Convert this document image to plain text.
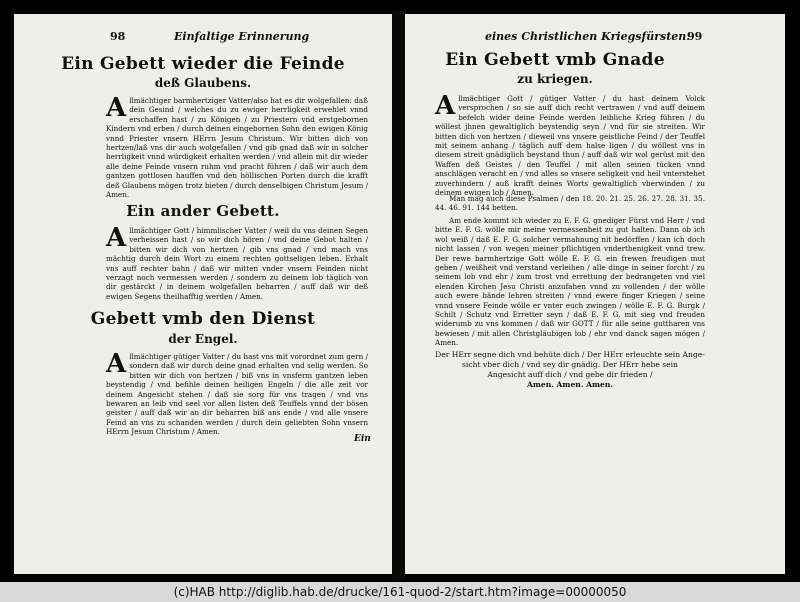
98	Einfaltige Erinnerung
Ein Gebett wieder die Feinde
deß Glaubens.
Allmächtiger barmhertziger Vatter/also hat es dir wolgefallen: daß dein Gesind / welches du zu ewiger herrligkeit erwehlet vnnd erschaffen hast / zu Königen / zu Priestern vnd erstgebornen Kindern vnd erben / durch deinen eingebornen Sohn den ewigen König vnnd Priester vnsern HErrn Jesum Christum. Wir bitten dich von hertzen/laß vns dir auch wolgefallen / vnd gib gnad daß wir in solcher herrligkeit vnnd würdigkeit erhalten werden / vnd allein mit dir wieder alle deine Feinde vnsern ruhm vnd pracht führen / daß wir auch dem gantzen gottlosen hauffen vnd den höllischen Porten durch die krafft deß Glaubens mögen trotz bieten / durch denselbigen Christum Jesum / Amen.
Ein ander Gebett.
Allmächtiger Gott / himmlischer Vatter / weil du vns deinen Segen verheissen hast / so wir dich hören / vnd deine Gebot halten / bitten wir dich von hertzen / gib vns gnad / vnd mach vns mächtig durch dein Wort zu einem rechten gottseligen leben. Erhalt vns auff rechter bahn / daß wir mitten vnder vnsern Feinden nicht verzagt noch vermessen werden / sondern zu deinem lob täglich von dir gestärckt / in deinem wolgefallen beharren / auff daß wir deß ewigen Segens theilhafftig werden / Amen.
Gebett vmb den Dienst
der Engel.
Allmächtiger gütiger Vatter / du hast vns mit vorordnet zum gern / sondern daß wir durch deine gnad erhalten vnd selig werden. So bitten wir dich von hertzen / biß vns in vnsferm gantzen leben beystendig / vnd befihle deinen heiligen Engeln / die alle zeit vor deinem Angesicht stehen / daß sie sorg für vns tragen / vnd vns bewaren an leib vnd seel vor allen listen deß Teuffels vnnd der bösen geister / auff daß wir an dir beharren biß ans ende / vnd alle vnsere Feind an vns zu schanden werden / durch dein geliebten Sohn vnsern HErrn Jesum Christum / Amen.
Ein
eines Christlichen Kriegsfürsten.
99
Ein Gebett vmb Gnade
zu kriegen.
Allmächtiger Gott / gütiger Vatter / du hast deinem Volck versprochen / so sie auff dich recht vertrawen / vnd auff deinem befelch wider deine Feinde werden leibliche Krieg führen / du wöllest jhnen gewaltiglich beystendig seyn / vnd für sie streiten. Wir bitten dich von hertzen / dieweil vns vnsere geistliche Feind / der Teuffel mit seinem anhang / täglich auff dem halse ligen / du wöllest vns in diesem streit gnädiglich beystand thun / auff daß wir wol gerüst mit den Waffen deß Geistes / den Teuffel / mit allen seinen tücken vnnd anschlägen veracht en / vnd alles so vnsere seligkeit vnd heil vnterstehet zuverhindern / auß krafft deines Worts gewaltiglich vberwinden / zu deinem ewigen lob / Amen.
Man mag auch diese Psalmen / den 18. 20. 21. 25. 26. 27. 28. 31. 35. 44. 46. 91. 144 betten.
Am ende kommt ich wieder zu E. F. G. gnediger Fürst vnd Herr / vnd bitte E. F. G. wölle mir meine vermessenheit zu gut halten. Dann ob ich wol weiß / daß E. F. G. solcher vermahnung nit bedörffen / kan ich doch nicht lassen / von wegen meiner pflichtigen vnderthenigkeit vnnd trew. Der rewe barmhertzige Gott wölle E. F. G. ein frewen freudigen mut geben / weißheit vnd verstand verleihen / alle dinge in seiner forcht / zu seinem lob vnd ehr / zum trost vnd errettung der bedrangeten vnd viel elenden Kirchen Jesu Christi anzufahen vnnd zu vollenden / der wölle auch ewere hände lehren streiten / vnnd ewere finger Kriegen / seine vnnd vnsere Feinde wölle er vnter euch zwingen / wölle E. F. G. Burgk / Schilt / Schutz vnd Erretter seyn / daß E. F. G. mit sieg vnd freuden widerumb zu vns kommen / daß wir GOTT / für alle seine guttharen vns bewiesen / mit allen Christgläubigen lob / ehr vnd danck sagen mögen / Amen.
Der HErr segne dich vnd behüte dich / Der HErr erleuchte sein Ange-
sicht vber dich / vnd sey dir gnädig. Der HErr hebe sein
Angesicht auff dich / vnd gebe dir frieden /
Amen. Amen. Amen.
(c)HAB http://diglib.hab.de/drucke/161-quod-2/start.htm?image=00000050
